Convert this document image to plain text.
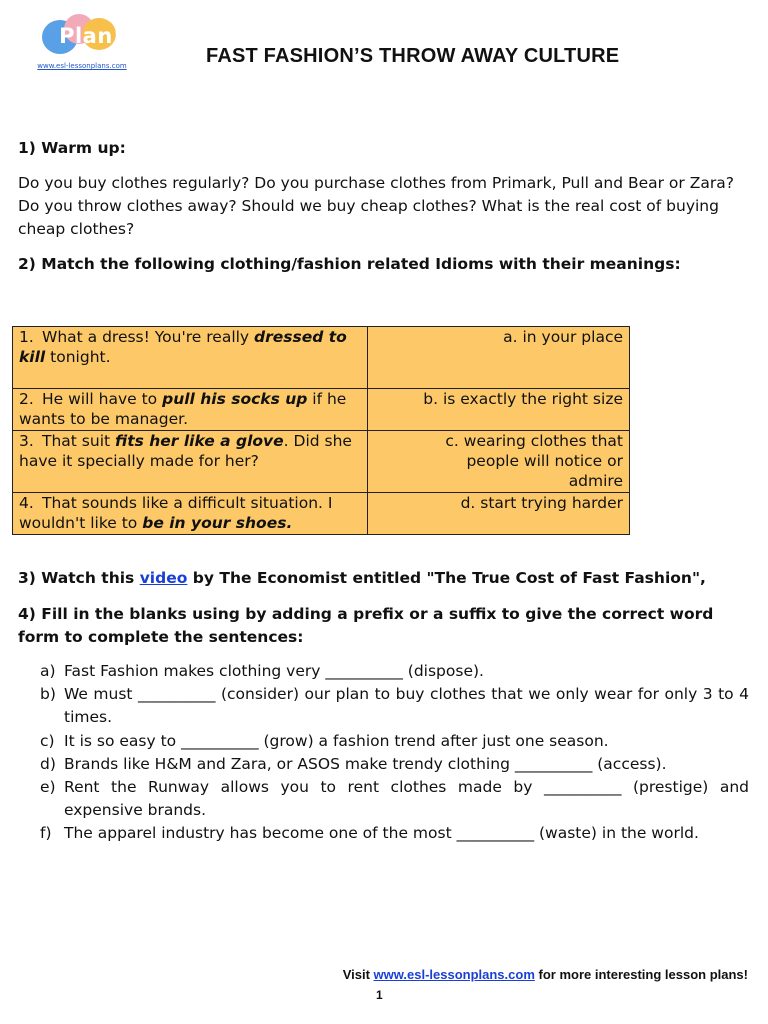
Plan!
www.esl-lessonplans.com	FAST FASHION’S THROW AWAY CULTURE
1) Warm up:
Do you buy clothes regularly? Do you purchase clothes from Primark, Pull and Bear or Zara? Do you throw clothes away? Should we buy cheap clothes? What is the real cost of buying cheap clothes?
2) Match the following clothing/fashion related Idioms with their meanings:
1. What a dress! You're really dressed to kill tonight.	a. in your place
2. He will have to pull his socks up if he wants to be manager.	b. is exactly the right size
3. That suit fits her like a glove. Did she have it specially made for her?	c. wearing clothes that people will notice or admire
4. That sounds like a difficult situation. I wouldn't like to be in your shoes.	d. start trying harder
3) Watch this video by The Economist entitled "The True Cost of Fast Fashion",
4) Fill in the blanks using by adding a prefix or a suffix to give the correct word form to complete the sentences:
a) Fast Fashion makes clothing very __________ (dispose).
b) We must __________ (consider) our plan to buy clothes that we only wear for only 3 to 4 times.
c) It is so easy to __________ (grow) a fashion trend after just one season.
d) Brands like H&M and Zara, or ASOS make trendy clothing __________ (access).
e) Rent the Runway allows you to rent clothes made by __________ (prestige) and expensive brands.
f) The apparel industry has become one of the most __________ (waste) in the world.
Visit www.esl-lessonplans.com for more interesting lesson plans!
1
